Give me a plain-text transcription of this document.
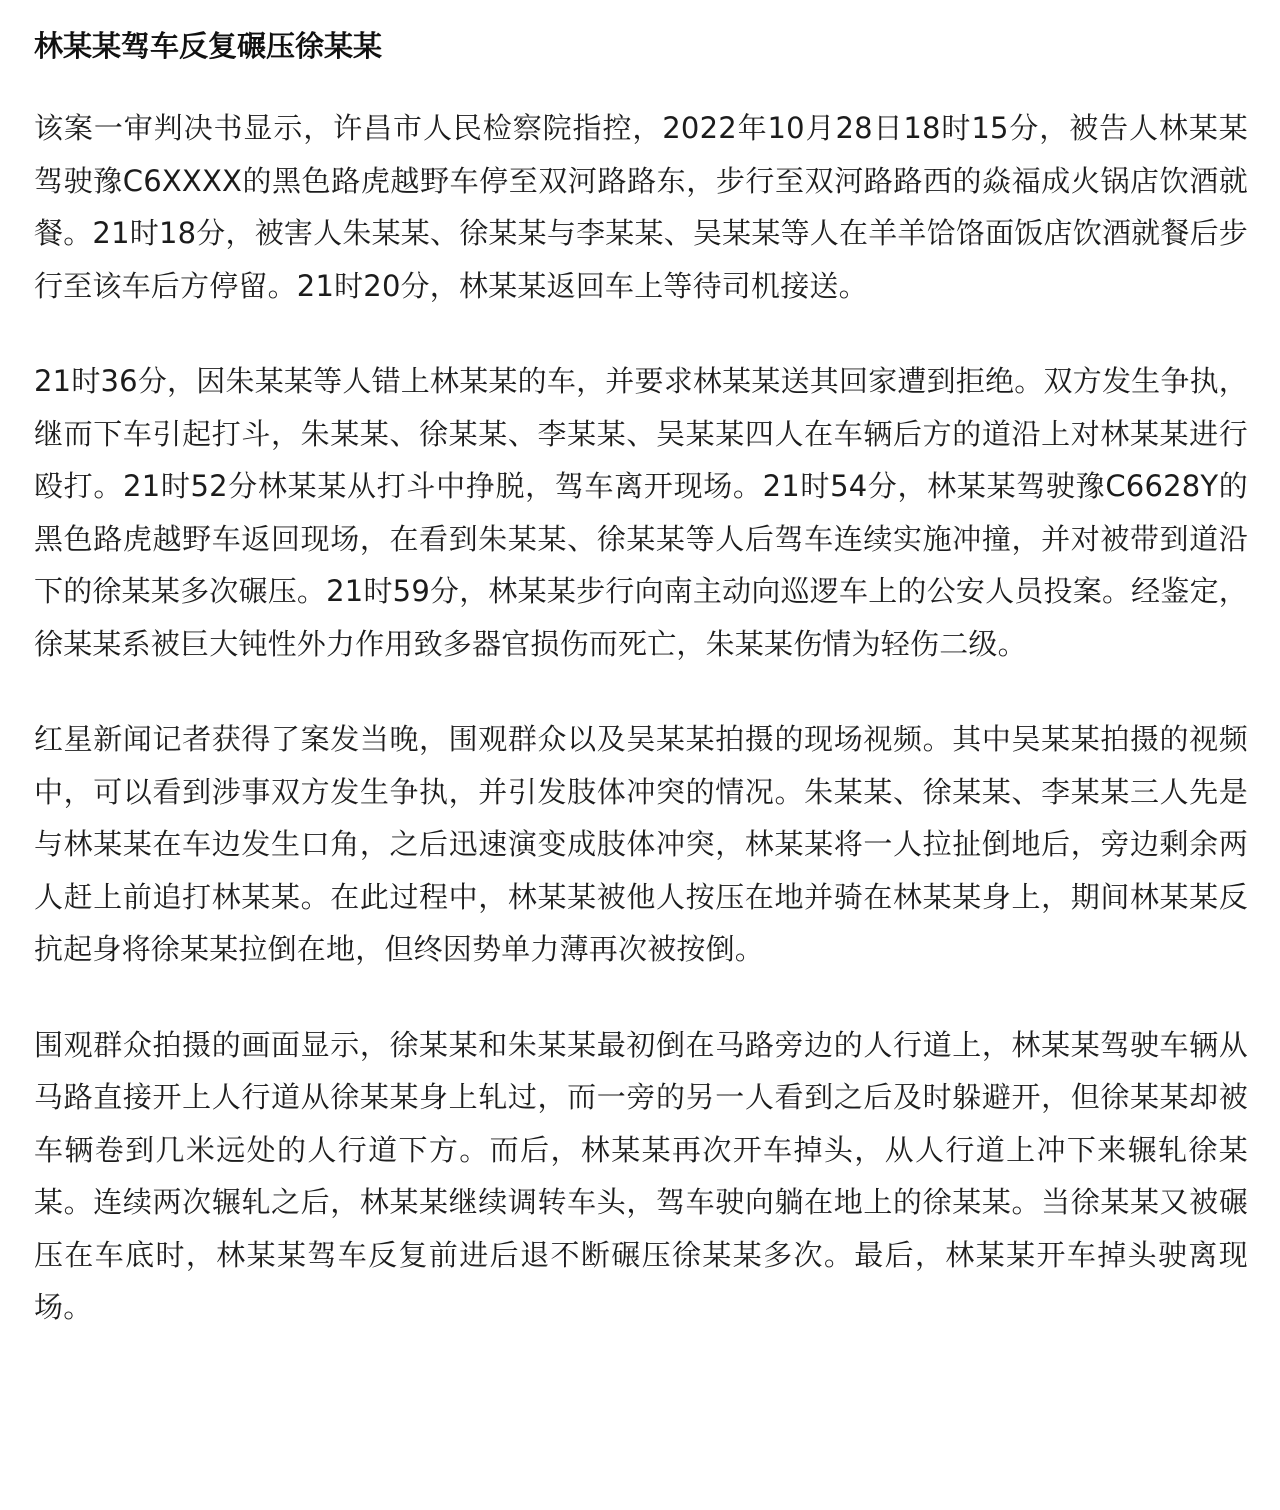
林某某驾车反复碾压徐某某

该案一审判决书显示，许昌市人民检察院指控，2022年10月28日18时15分，被告人林某某驾驶豫C6XXXX的黑色路虎越野车停至双河路路东，步行至双河路路西的焱福成火锅店饮酒就餐。21时18分，被害人朱某某、徐某某与李某某、吴某某等人在羊羊饸饹面饭店饮酒就餐后步行至该车后方停留。21时20分，林某某返回车上等待司机接送。

21时36分，因朱某某等人错上林某某的车，并要求林某某送其回家遭到拒绝。双方发生争执，继而下车引起打斗，朱某某、徐某某、李某某、吴某某四人在车辆后方的道沿上对林某某进行殴打。21时52分林某某从打斗中挣脱，驾车离开现场。21时54分，林某某驾驶豫C6628Y的黑色路虎越野车返回现场，在看到朱某某、徐某某等人后驾车连续实施冲撞，并对被带到道沿下的徐某某多次碾压。21时59分，林某某步行向南主动向巡逻车上的公安人员投案。经鉴定，徐某某系被巨大钝性外力作用致多器官损伤而死亡，朱某某伤情为轻伤二级。

红星新闻记者获得了案发当晚，围观群众以及吴某某拍摄的现场视频。其中吴某某拍摄的视频中，可以看到涉事双方发生争执，并引发肢体冲突的情况。朱某某、徐某某、李某某三人先是与林某某在车边发生口角，之后迅速演变成肢体冲突，林某某将一人拉扯倒地后，旁边剩余两人赶上前追打林某某。在此过程中，林某某被他人按压在地并骑在林某某身上，期间林某某反抗起身将徐某某拉倒在地，但终因势单力薄再次被按倒。

围观群众拍摄的画面显示，徐某某和朱某某最初倒在马路旁边的人行道上，林某某驾驶车辆从马路直接开上人行道从徐某某身上轧过，而一旁的另一人看到之后及时躲避开，但徐某某却被车辆卷到几米远处的人行道下方。而后，林某某再次开车掉头，从人行道上冲下来辗轧徐某某。连续两次辗轧之后，林某某继续调转车头，驾车驶向躺在地上的徐某某。当徐某某又被碾压在车底时，林某某驾车反复前进后退不断碾压徐某某多次。最后，林某某开车掉头驶离现场。
